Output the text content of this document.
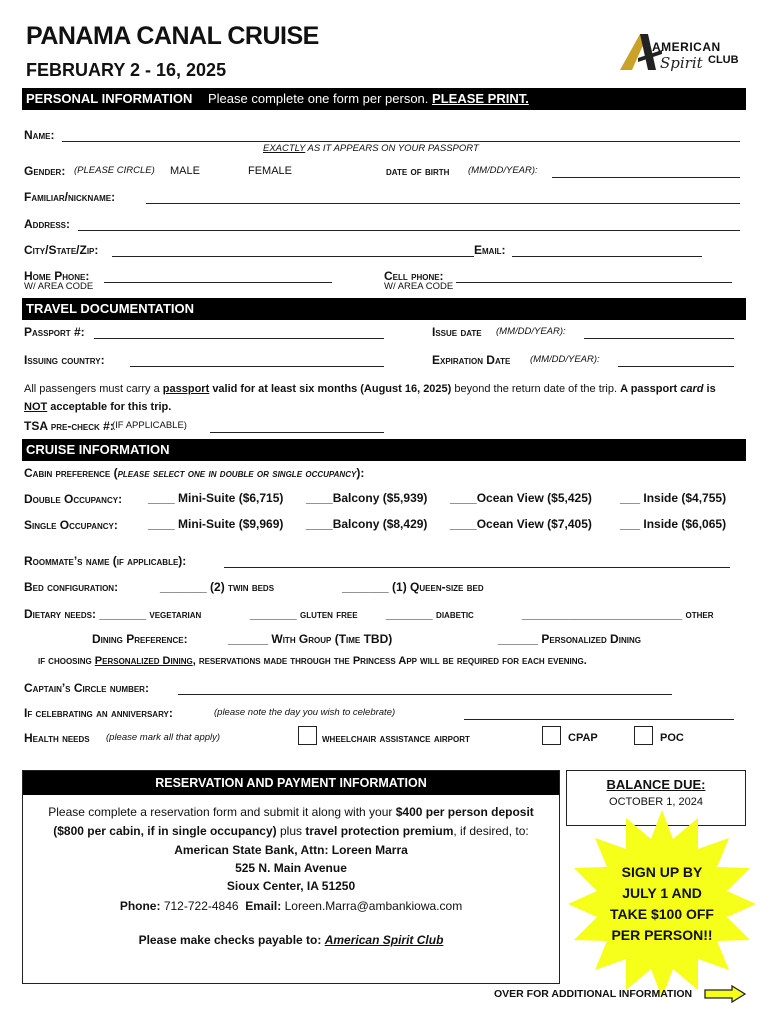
PANAMA CANAL CRUISE
FEBRUARY 2 - 16, 2025
AMERICAN
Spirit CLUB
PERSONAL INFORMATION Please complete one form per person. PLEASE PRINT.
Name:
EXACTLY AS IT APPEARS ON YOUR PASSPORT
Gender: (PLEASE CIRCLE) MALE	FEMALE	date of birth (MM/DD/YEAR):
Familiar/nickname:
Address:
City/State/Zip:	Email:
Home Phone:
W/ AREA CODE
Cell phone:
W/ AREA CODE
TRAVEL DOCUMENTATION
Passport #:	Issue date (MM/DD/YEAR):
Issuing country:	Expiration Date (MM/DD/YEAR):
All passengers must carry a passport valid for at least six months (August 16, 2025) beyond the return date of the trip. A passport card is
NOT acceptable for this trip.
TSA pre-check #:
(IF APPLICABLE)
CRUISE INFORMATION
Cabin preference (please select one in double or single occupancy):
Double Occupancy: ____ Mini-Suite ($6,715) ____Balcony ($5,939) ____Ocean View ($5,425) ___ Inside ($4,755)
Single Occupancy:	____ Mini-Suite ($9,969) ____Balcony ($8,429) ____Ocean View ($7,405) ___ Inside ($6,065)
Roommate’s name (if applicable):
Bed configuration:	_______ (2) twin beds	_______ (1) Queen-size bed
Dietary needs: _______ vegetarian	_______ gluten free _______ diabetic	________________________ other
Dining Preference:	______ With Group (Time TBD)	______ Personalized Dining
if choosing Personalized Dining, reservations made through the Princess App will be required for each evening.
Captain’s Circle number:
If celebrating an anniversary:	(please note the day you wish to celebrate)
Health needs (please mark all that apply)	wheelchair assistance airport	CPAP	POC
RESERVATION AND PAYMENT INFORMATION
Please complete a reservation form and submit it along with your $400 per person deposit
($800 per cabin, if in single occupancy) plus travel protection premium, if desired, to:
American State Bank, Attn: Loreen Marra
525 N. Main Avenue
Sioux Center, IA 51250
Phone: 712-722-4846 Email: Loreen.Marra@ambankiowa.com
Please make checks payable to: American Spirit Club
BALANCE DUE:
OCTOBER 1, 2024
SIGN UP BY
JULY 1 AND
TAKE $100 OFF
PER PERSON!!
OVER FOR ADDITIONAL INFORMATION
